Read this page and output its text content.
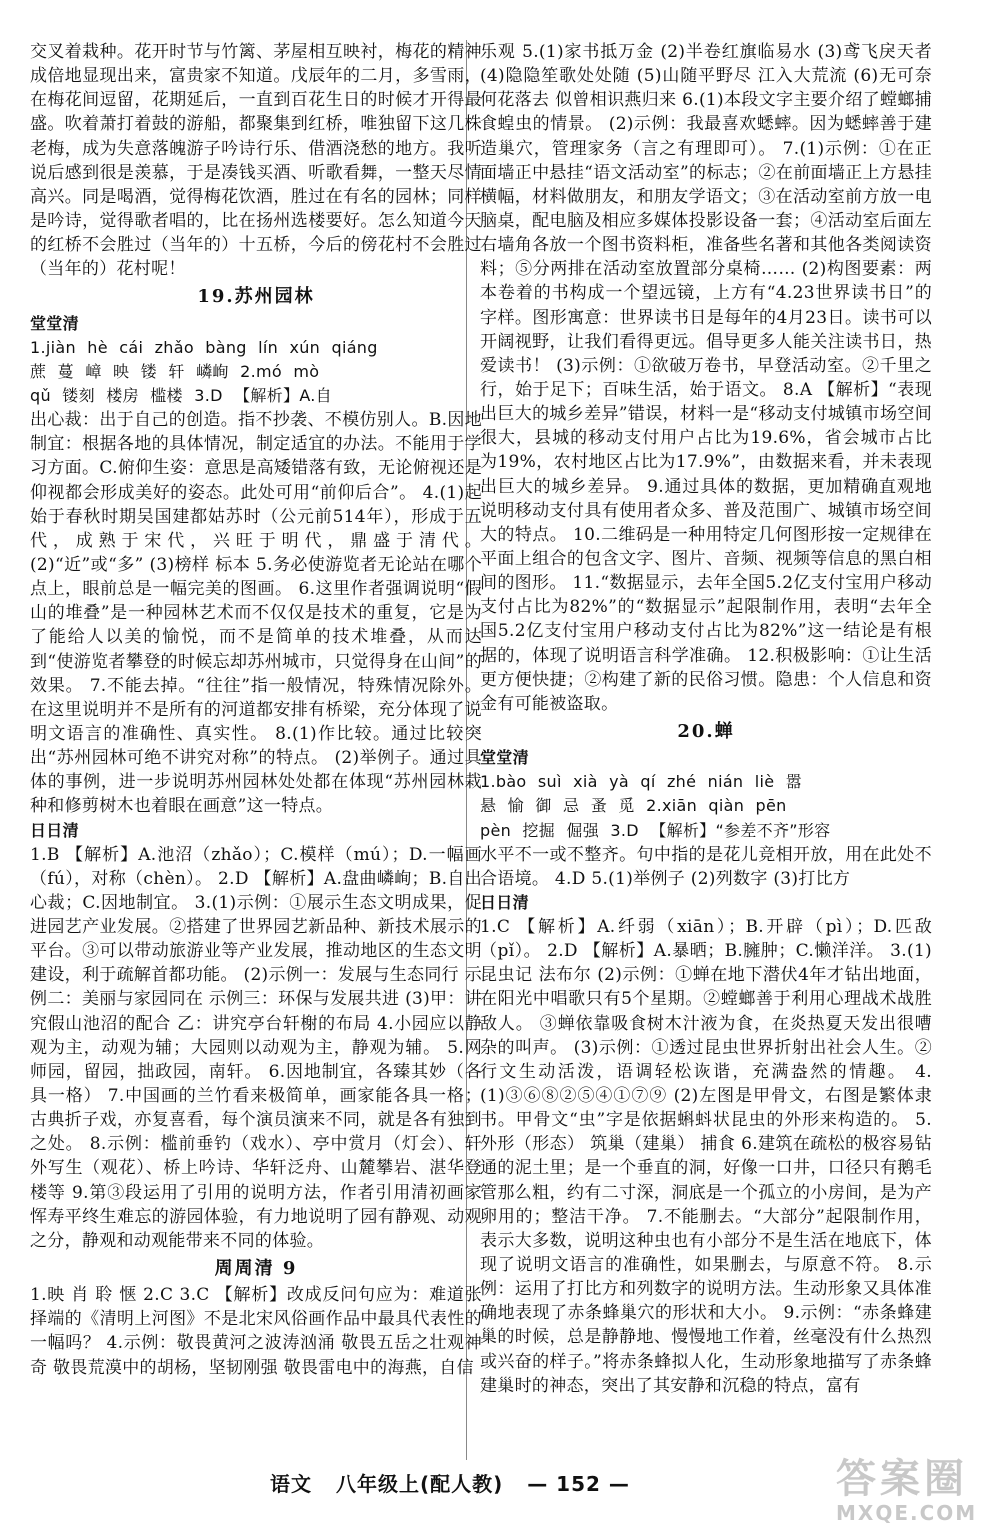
交叉着栽种。花开时节与竹篱、茅屋相互映衬，梅花的精神成倍地显现出来，富贵家不知道。戊辰年的二月，多雪雨，在梅花间逗留，花期延后，一直到百花生日的时候才开得最盛。吹着萧打着鼓的游船，都聚集到红桥，唯独留下这几株老梅，成为失意落魄游子吟诗行乐、借酒浇愁的地方。我听说后感到很是羡慕，于是凑钱买酒、听歌看舞，一整天尽情高兴。同是喝酒，觉得梅花饮酒，胜过在有名的园林；同样是吟诗，觉得歌者唱的，比在扬州选楼要好。怎么知道今天的红桥不会胜过（当年的）十五桥，今后的傍花村不会胜过（当年的）花村呢！

19.苏州园林
堂堂清

1.jiàn hè cái zhǎo bàng lín xún qiáng

蔗 蔓 嶂 映 镂 轩 嶙峋 2.mó mò

qǔ 镂刻 楼房 槛楼 3.D 【解析】A.自

出心裁：出于自己的创造。指不抄袭、不模仿别人。B.因地制宜：根据各地的具体情况，制定适宜的办法。不能用于学习方面。C.俯仰生姿：意思是高矮错落有致，无论俯视还是仰视都会形成美好的姿态。此处可用“前仰后合”。 4.(1)起始于春秋时期吴国建都姑苏时（公元前514年），形成于五代，成熟于宋代，兴旺于明代，鼎盛于清代。 (2)“近”或“多” (3)榜样 标本 5.务必使游览者无论站在哪个点上，眼前总是一幅完美的图画。 6.这里作者强调说明“假山的堆叠”是一种园林艺术而不仅仅是技术的重复，它是为了能给人以美的愉悦，而不是简单的技术堆叠，从而达到“使游览者攀登的时候忘却苏州城市，只觉得身在山间”的效果。 7.不能去掉。“往往”指一般情况，特殊情况除外。在这里说明并不是所有的河道都安排有桥梁，充分体现了说明文语言的准确性、真实性。 8.(1)作比较。通过比较突出“苏州园林可绝不讲究对称”的特点。 (2)举例子。通过具体的事例，进一步说明苏州园林处处都在体现“苏州园林栽种和修剪树木也着眼在画意”这一特点。

日日清

1.B 【解析】A.池沼（zhǎo）；C.模样（mú）；D.一幅画（fú），对称（chèn）。 2.D 【解析】A.盘曲嶙峋；B.自出心裁；C.因地制宜。 3.(1)示例：①展示生态文明成果，促进园艺产业发展。②搭建了世界园艺新品种、新技术展示的平台。③可以带动旅游业等产业发展，推动地区的生态文明建设，利于疏解首都功能。 (2)示例一：发展与生态同行 示例二：美丽与家园同在 示例三：环保与发展共进 (3)甲：讲究假山池沼的配合 乙：讲究亭台轩榭的布局 4.小园应以静观为主，动观为辅；大园则以动观为主，静观为辅。 5.网师园，留园，拙政园，南轩。 6.因地制宜，各臻其妙（各具一格） 7.中国画的兰竹看来极简单，画家能各具一格；古典折子戏，亦复喜看，每个演员演来不同，就是各有独到之处。 8.示例：槛前垂钓（戏水）、亭中赏月（灯会）、轩外写生（观花）、桥上吟诗、华轩泛舟、山麓攀岩、湛华登楼等 9.第③段运用了引用的说明方法，作者引用清初画家恽寿平终生难忘的游园体验，有力地说明了园有静观、动观之分，静观和动观能带来不同的体验。

周周清 9

1.映 肖 聆 惬 2.C 3.C 【解析】改成反问句应为：难道张择端的《清明上河图》不是北宋风俗画作品中最具代表性的一幅吗？ 4.示例：敬畏黄河之波涛汹涌 敬畏五岳之壮观神奇 敬畏荒漠中的胡杨，坚韧刚强 敬畏雷电中的海燕，自信

乐观 5.(1)家书抵万金 (2)半卷红旗临易水 (3)鸢飞戾天者 (4)隐隐笙歌处处随 (5)山随平野尽 江入大荒流 (6)无可奈何花落去 似曾相识燕归来 6.(1)本段文字主要介绍了螳螂捕食蝗虫的情景。 (2)示例：我最喜欢蟋蟀。因为蟋蟀善于建造巢穴，管理家务（言之有理即可）。 7.(1)示例：①在正面墙正中悬挂“语文活动室”的标志；②在前面墙正上方悬挂横幅，材料做朋友，和朋友学语文；③在活动室前方放一电脑桌，配电脑及相应多媒体投影设备一套；④活动室后面左右墙角各放一个图书资料柜，准备些名著和其他各类阅读资料；⑤分两排在活动室放置部分桌椅…… (2)构图要素：两本卷着的书构成一个望远镜，上方有“4.23世界读书日”的字样。图形寓意：世界读书日是每年的4月23日。读书可以开阔视野，让我们看得更远。倡导更多人能关注读书日，热爱读书！ (3)示例：①欲破万卷书，早登活动室。②千里之行，始于足下；百味生活，始于语文。 8.A 【解析】“表现出巨大的城乡差异”错误，材料一是“移动支付城镇市场空间很大，县城的移动支付用户占比为19.6%，省会城市占比为19%，农村地区占比为17.9%”，由数据来看，并未表现出巨大的城乡差异。 9.通过具体的数据，更加精确直观地说明移动支付具有使用者众多、普及范围广、城镇市场空间大的特点。 10.二维码是一种用特定几何图形按一定规律在平面上组合的包含文字、图片、音频、视频等信息的黑白相间的图形。 11.“数据显示，去年全国5.2亿支付宝用户移动支付占比为82%”的“数据显示”起限制作用，表明“去年全国5.2亿支付宝用户移动支付占比为82%”这一结论是有根据的，体现了说明语言科学准确。 12.积极影响：①让生活更方便快捷；②构建了新的民俗习惯。隐患：个人信息和资金有可能被盗取。

20.蝉
堂堂清

1.bào suì xià yà qí zhé nián liè 嚣

悬 愉 御 忌 蚤 觅 2.xiān qiàn pēn

pèn 挖掘 倔强 3.D 【解析】“参差不齐”形容

水平不一或不整齐。句中指的是花儿竞相开放，用在此处不合语境。 4.D 5.(1)举例子 (2)列数字 (3)打比方

日日清

1.C 【解析】A.纤弱（xiān）；B.开辟（pì）；D.匹敌（pǐ）。 2.D 【解析】A.暴晒；B.臃肿；C.懒洋洋。 3.(1)昆虫记 法布尔 (2)示例：①蝉在地下潜伏4年才钻出地面，在阳光中唱歌只有5个星期。②螳螂善于利用心理战术战胜敌人。 ③蝉依靠吸食树木汁液为食，在炎热夏天发出很嘈杂的叫声。 (3)示例：①透过昆虫世界折射出社会人生。②行文生动活泼，语调轻松诙谐，充满盎然的情趣。 4.(1)③⑥⑧②⑤④①⑦⑨ (2)左图是甲骨文，右图是繁体隶书。甲骨文“虫”字是依据蝌蚪状昆虫的外形来构造的。 5.外形（形态） 筑巢（建巢） 捕食 6.建筑在疏松的极容易钻通的泥土里；是一个垂直的洞，好像一口井，口径只有鹅毛管那么粗，约有二寸深，洞底是一个孤立的小房间，是为产卵用的；整洁干净。 7.不能删去。“大部分”起限制作用，表示大多数，说明这种虫也有小部分不是生活在地底下，体现了说明文语言的准确性，如果删去，与原意不符。 8.示例：运用了打比方和列数字的说明方法。生动形象又具体准确地表现了赤条蜂巢穴的形状和大小。 9.示例：“赤条蜂建巢的时候，总是静静地、慢慢地工作着，丝毫没有什么热烈或兴奋的样子。”将赤条蜂拟人化，生动形象地描写了赤条蜂建巢时的神态，突出了其安静和沉稳的特点，富有

语文 八年级上(配人教) — 152 —	答案圈
MXQE.COM
